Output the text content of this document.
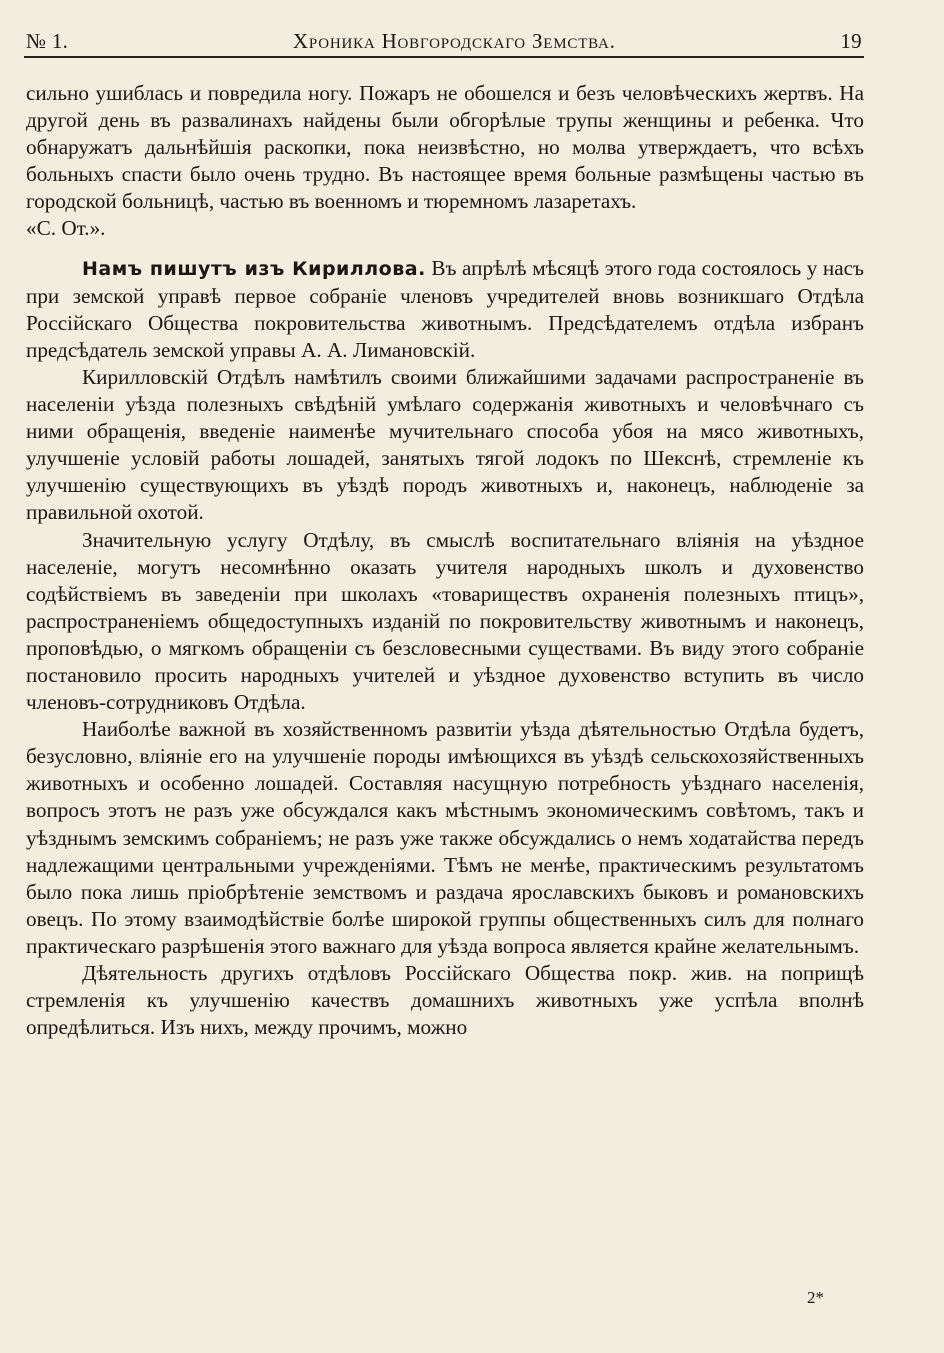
№ 1.	Хроника Новгородскаго Земства.	19

сильно ушиблась и повредила ногу. Пожаръ не обошелся и безъ человѣческихъ жертвъ. На другой день въ развалинахъ найдены были обгорѣлые трупы женщины и ребенка. Что обнаружатъ дальнѣйшія раскопки, пока неизвѣстно, но молва утверждаетъ, что всѣхъ больныхъ спасти было очень трудно. Въ настоящее время больные размѣщены частью въ городской больницѣ, частью въ военномъ и тюремномъ лазаретахъ.

«С. От.».

Намъ пишутъ изъ Кириллова. Въ апрѣлѣ мѣсяцѣ этого года состоялось у насъ при земской управѣ первое собраніе членовъ учредителей вновь возникшаго Отдѣла Россійскаго Общества покровительства животнымъ. Предсѣдателемъ отдѣла избранъ предсѣдатель земской управы А. А. Лимановскій.

Кирилловскій Отдѣлъ намѣтилъ своими ближайшими задачами распространеніе въ населеніи уѣзда полезныхъ свѣдѣній умѣлаго содержанія животныхъ и человѣчнаго съ ними обращенія, введеніе наименѣе мучительнаго способа убоя на мясо животныхъ, улучшеніе условій работы лошадей, занятыхъ тягой лодокъ по Шекснѣ, стремленіе къ улучшенію существующихъ въ уѣздѣ породъ животныхъ и, наконецъ, наблюденіе за правильной охотой.

Значительную услугу Отдѣлу, въ смыслѣ воспитательнаго вліянія на уѣздное населеніе, могутъ несомнѣнно оказать учителя народныхъ школъ и духовенство содѣйствіемъ въ заведеніи при школахъ «товариществъ охраненія полезныхъ птицъ», распространеніемъ общедоступныхъ изданій по покровительству животнымъ и наконецъ, проповѣдью, о мягкомъ обращеніи съ безсловесными существами. Въ виду этого собраніе постановило просить народныхъ учителей и уѣздное духовенство вступить въ число членовъ-сотрудниковъ Отдѣла.

Наиболѣе важной въ хозяйственномъ развитіи уѣзда дѣятельностью Отдѣла будетъ, безусловно, вліяніе его на улучшеніе породы имѣющихся въ уѣздѣ сельскохозяйственныхъ животныхъ и особенно лошадей. Составляя насущную потребность уѣзднаго населенія, вопросъ этотъ не разъ уже обсуждался какъ мѣстнымъ экономическимъ совѣтомъ, такъ и уѣзднымъ земскимъ собраніемъ; не разъ уже также обсуждались о немъ ходатайства передъ надлежащими центральными учрежденіями. Тѣмъ не менѣе, практическимъ результатомъ было пока лишь пріобрѣтеніе земствомъ и раздача ярославскихъ быковъ и романовскихъ овецъ. По этому взаимодѣйствіе болѣе широкой группы общественныхъ силъ для полнаго практическаго разрѣшенія этого важнаго для уѣзда вопроса является крайне желательнымъ.

Дѣятельность другихъ отдѣловъ Россійскаго Общества покр. жив. на поприщѣ стремленія къ улучшенію качествъ домашнихъ животныхъ уже успѣла вполнѣ опредѣлиться. Изъ нихъ, между прочимъ, можно

2*
